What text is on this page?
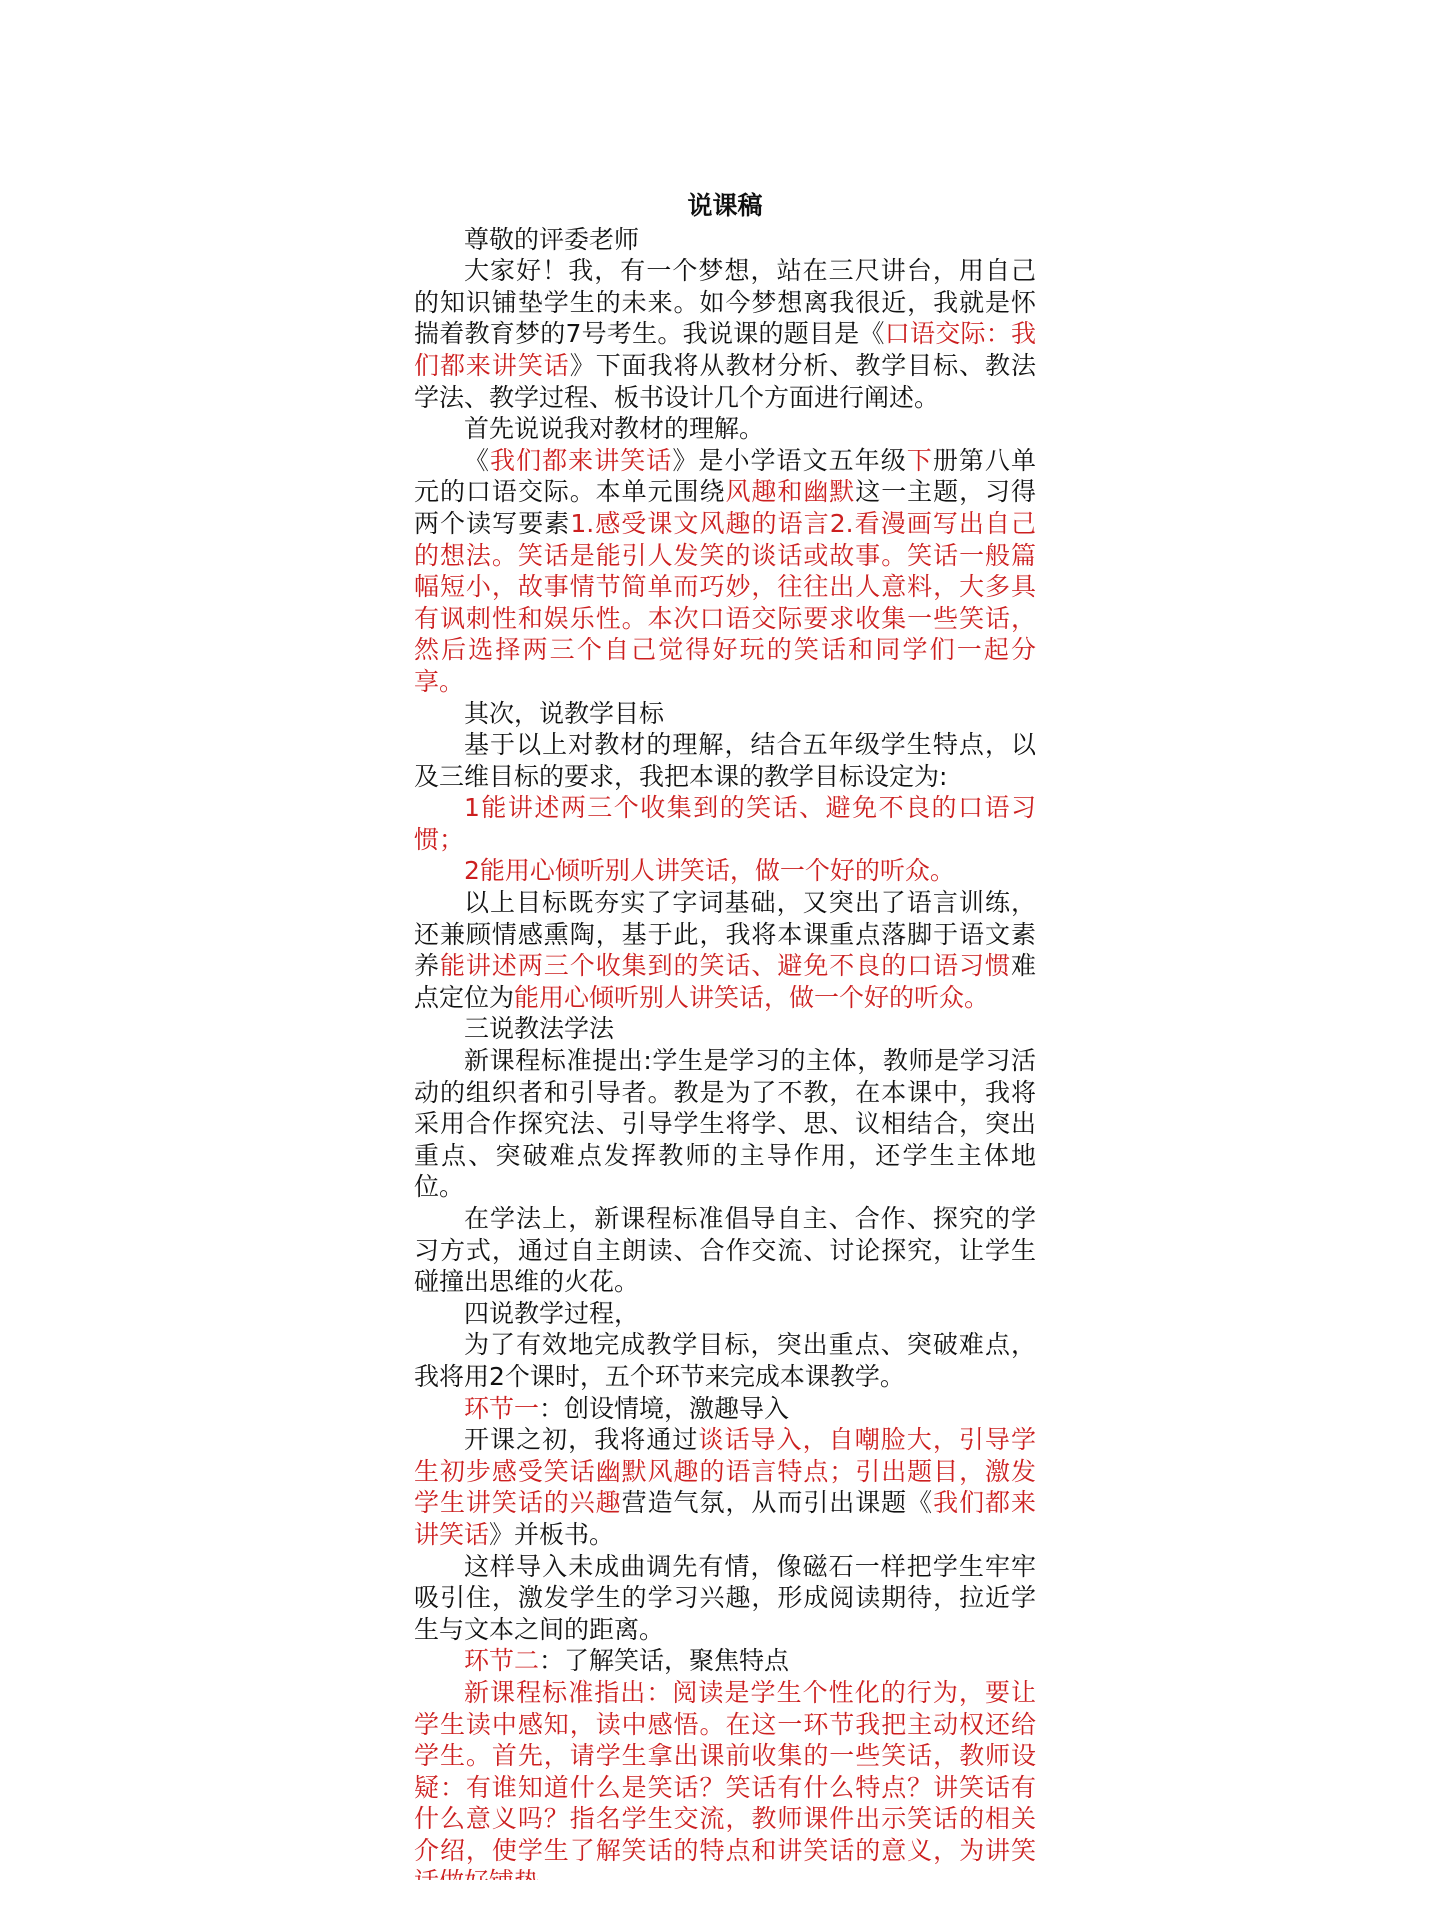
说课稿
尊敬的评委老师
大家好！我，有一个梦想，站在三尺讲台，用自己的知识铺垫学生的未来。如今梦想离我很近，我就是怀揣着教育梦的7号考生。我说课的题目是《口语交际：我们都来讲笑话》下面我将从教材分析、教学目标、教法学法、教学过程、板书设计几个方面进行阐述。
首先说说我对教材的理解。
《我们都来讲笑话》是小学语文五年级下册第八单元的口语交际。本单元围绕风趣和幽默这一主题，习得两个读写要素1.感受课文风趣的语言2.看漫画写出自己的想法。笑话是能引人发笑的谈话或故事。笑话一般篇幅短小，故事情节简单而巧妙，往往出人意料，大多具有讽刺性和娱乐性。本次口语交际要求收集一些笑话，然后选择两三个自己觉得好玩的笑话和同学们一起分享。
其次，说教学目标
基于以上对教材的理解，结合五年级学生特点，以及三维目标的要求，我把本课的教学目标设定为:
1能讲述两三个收集到的笑话、避免不良的口语习惯；
2能用心倾听别人讲笑话，做一个好的听众。
以上目标既夯实了字词基础，又突出了语言训练，还兼顾情感熏陶，基于此，我将本课重点落脚于语文素养能讲述两三个收集到的笑话、避免不良的口语习惯难点定位为能用心倾听别人讲笑话，做一个好的听众。
三说教法学法
新课程标准提出:学生是学习的主体，教师是学习活动的组织者和引导者。教是为了不教，在本课中，我将采用合作探究法、引导学生将学、思、议相结合，突出重点、突破难点发挥教师的主导作用，还学生主体地位。
在学法上，新课程标准倡导自主、合作、探究的学习方式，通过自主朗读、合作交流、讨论探究，让学生碰撞出思维的火花。
四说教学过程，
为了有效地完成教学目标，突出重点、突破难点，我将用2个课时，五个环节来完成本课教学。
环节一：创设情境，激趣导入
开课之初，我将通过谈话导入，自嘲脸大，引导学生初步感受笑话幽默风趣的语言特点；引出题目，激发学生讲笑话的兴趣营造气氛，从而引出课题《我们都来讲笑话》并板书。
这样导入未成曲调先有情，像磁石一样把学生牢牢吸引住，激发学生的学习兴趣，形成阅读期待，拉近学生与文本之间的距离。
环节二：了解笑话，聚焦特点
新课程标准指出：阅读是学生个性化的行为，要让学生读中感知，读中感悟。在这一环节我把主动权还给学生。首先，请学生拿出课前收集的一些笑话，教师设疑：有谁知道什么是笑话？笑话有什么特点？讲笑话有什么意义吗？指名学生交流，教师课件出示笑话的相关介绍，使学生了解笑话的特点和讲笑话的意义，为讲笑
